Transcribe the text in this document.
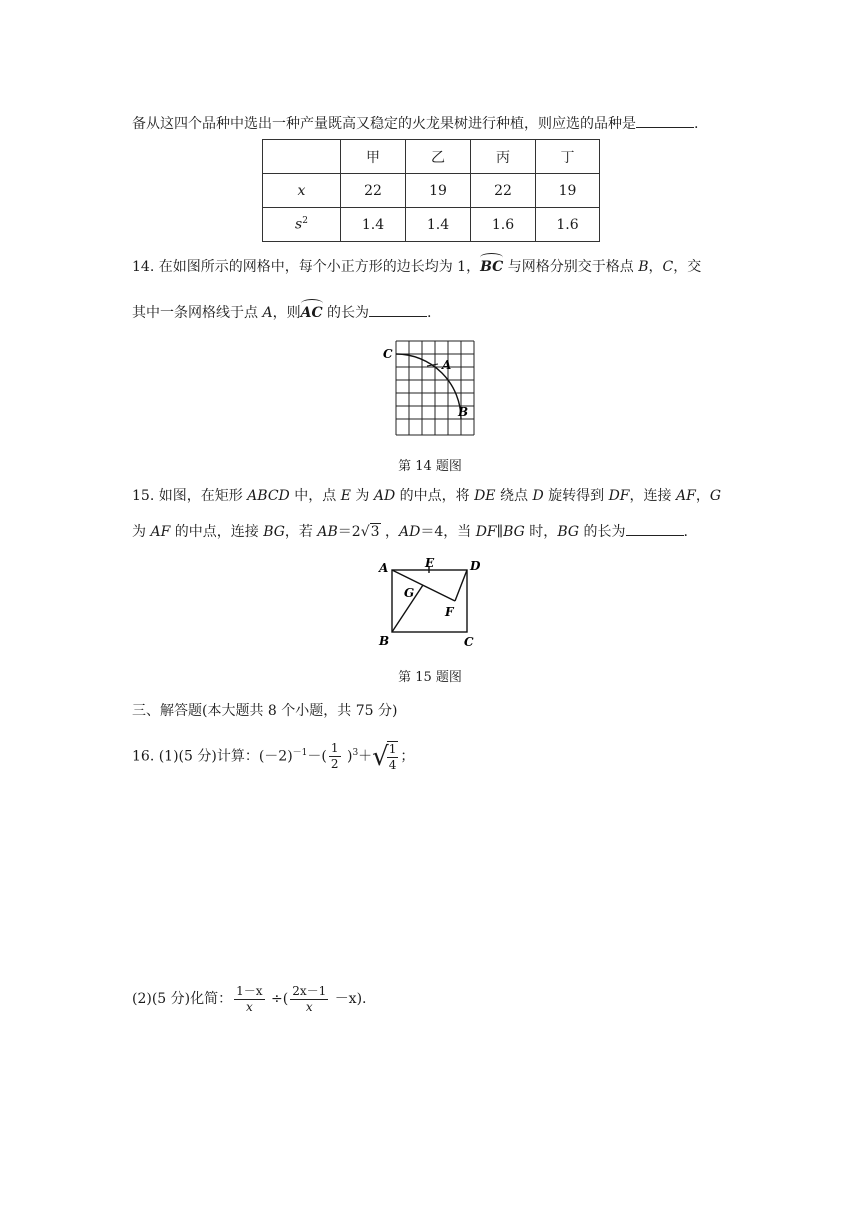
备从这四个品种中选出一种产量既高又稳定的火龙果树进行种植，则应选的品种是	.
	甲	乙	丙	丁
x	22	19	22	19
$s^2$	1.4	1.4	1.6	1.6
14. 在如图所示的网格中，每个小正方形的边长均为 1，BC 与网格分别交于格点 B，C，交
其中一条网格线于点 A，则AC 的长为	.
C
A
B
第 14 题图
15. 如图，在矩形 ABCD 中，点 E 为 AD 的中点，将 DE 绕点 D 旋转得到 DF，连接 AF，G
为 AF 的中点，连接 BG，若 AB＝2√3 ，AD＝4，当 DF∥BG 时，BG 的长为	.
A	E	D
G
F
B	C
第 15 题图
三、解答题(本大题共 8 个小题，共 75 分)
16. (1)(5 分)计算：$(-2)^{-1}-( \frac{1}{2} )^3+√$
$\frac{1}{4}$ ；
(2)(5 分)化简： $\frac{1-x}{x}$ ÷( $\frac{2x-1}{x} -x$).
